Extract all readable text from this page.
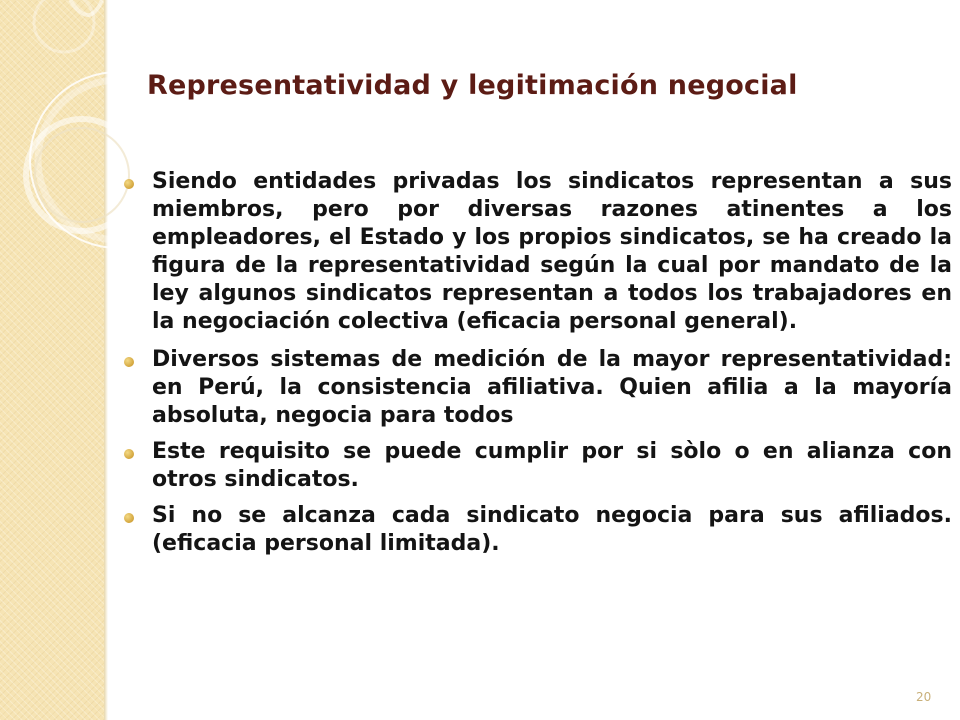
Representatividad y legitimación negocial
Siendo entidades privadas los sindicatos representan a sus miembros, pero por diversas razones atinentes a los empleadores, el Estado y los propios sindicatos, se ha creado la figura de la representatividad según la cual por mandato de la ley algunos sindicatos representan a todos los trabajadores en la negociación colectiva (eficacia personal general).
Diversos sistemas de medición de la mayor representatividad: en Perú, la consistencia afiliativa. Quien afilia a la mayoría absoluta, negocia para todos
Este requisito se puede cumplir por si sòlo o en alianza con otros sindicatos.
Si no se alcanza cada sindicato negocia para sus afiliados. (eficacia personal limitada).
20
